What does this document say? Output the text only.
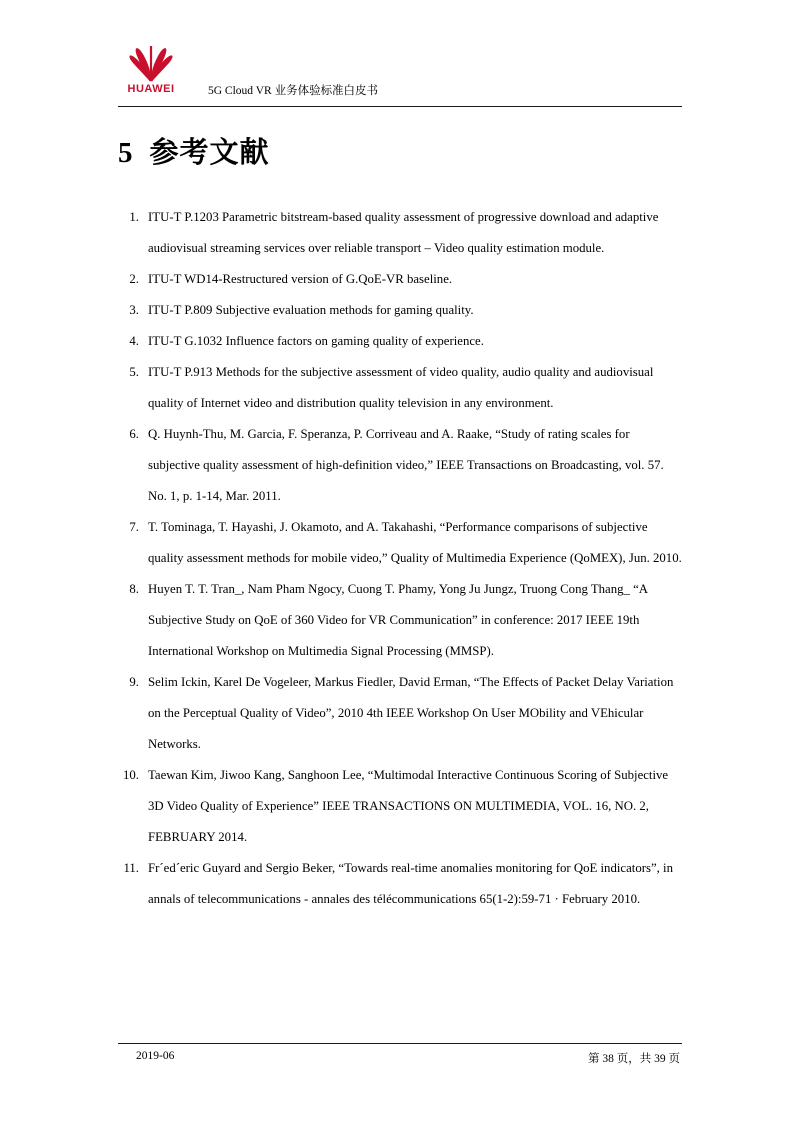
HUAWEI	5G Cloud VR 业务体验标准白皮书
5 参考文献
1. ITU-T P.1203 Parametric bitstream-based quality assessment of progressive download and adaptive audiovisual streaming services over reliable transport – Video quality estimation module.
2. ITU-T WD14-Restructured version of G.QoE-VR baseline.
3. ITU-T P.809 Subjective evaluation methods for gaming quality.
4. ITU-T G.1032 Influence factors on gaming quality of experience.
5. ITU-T P.913 Methods for the subjective assessment of video quality, audio quality and audiovisual quality of Internet video and distribution quality television in any environment.
6. Q. Huynh-Thu, M. Garcia, F. Speranza, P. Corriveau and A. Raake, “Study of rating scales for subjective quality assessment of high-definition video,” IEEE Transactions on Broadcasting, vol. 57. No. 1, p. 1-14, Mar. 2011.
7. T. Tominaga, T. Hayashi, J. Okamoto, and A. Takahashi, “Performance comparisons of subjective quality assessment methods for mobile video,” Quality of Multimedia Experience (QoMEX), Jun. 2010.
8. Huyen T. T. Tran_, Nam Pham Ngocy, Cuong T. Phamy, Yong Ju Jungz, Truong Cong Thang_ “A Subjective Study on QoE of 360 Video for VR Communication” in conference: 2017 IEEE 19th International Workshop on Multimedia Signal Processing (MMSP).
9. Selim Ickin, Karel De Vogeleer, Markus Fiedler, David Erman, “The Effects of Packet Delay Variation on the Perceptual Quality of Video”, 2010 4th IEEE Workshop On User MObility and VEhicular Networks.
10. Taewan Kim, Jiwoo Kang, Sanghoon Lee, “Multimodal Interactive Continuous Scoring of Subjective 3D Video Quality of Experience” IEEE TRANSACTIONS ON MULTIMEDIA, VOL. 16, NO. 2, FEBRUARY 2014.
11. Fr´ed´eric Guyard and Sergio Beker, “Towards real-time anomalies monitoring for QoE indicators”, in annals of telecommunications - annales des télécommunications 65(1-2):59-71 · February 2010.
2019-06	第 38 页，共 39 页
